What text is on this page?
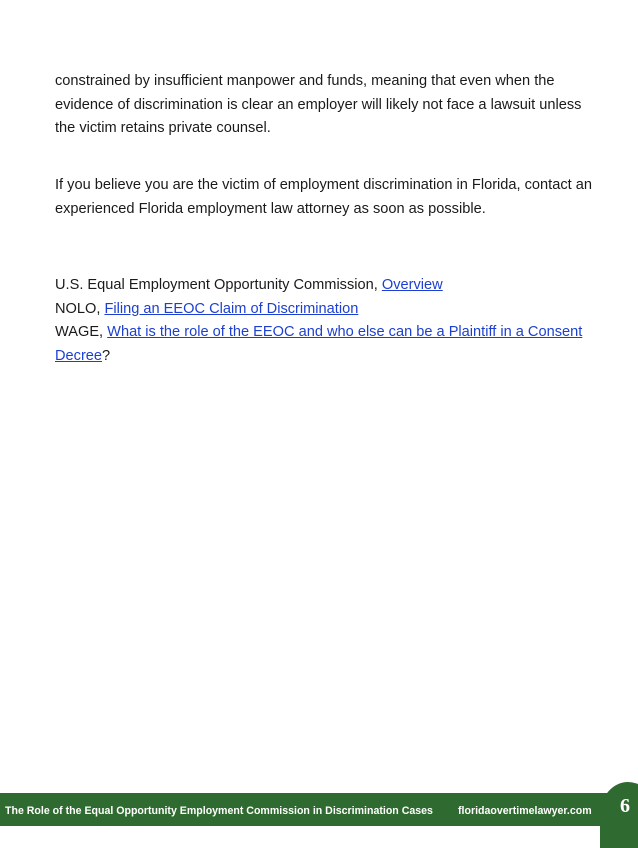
constrained by insufficient manpower and funds, meaning that even when the evidence of discrimination is clear an employer will likely not face a lawsuit unless the victim retains private counsel.

If you believe you are the victim of employment discrimination in Florida, contact an experienced Florida employment law attorney as soon as possible.

U.S. Equal Employment Opportunity Commission, Overview
NOLO, Filing an EEOC Claim of Discrimination
WAGE, What is the role of the EEOC and who else can be a Plaintiff in a Consent Decree?
The Role of the Equal Opportunity Employment Commission in Discrimination Cases floridaovertimelawyer.com 6
